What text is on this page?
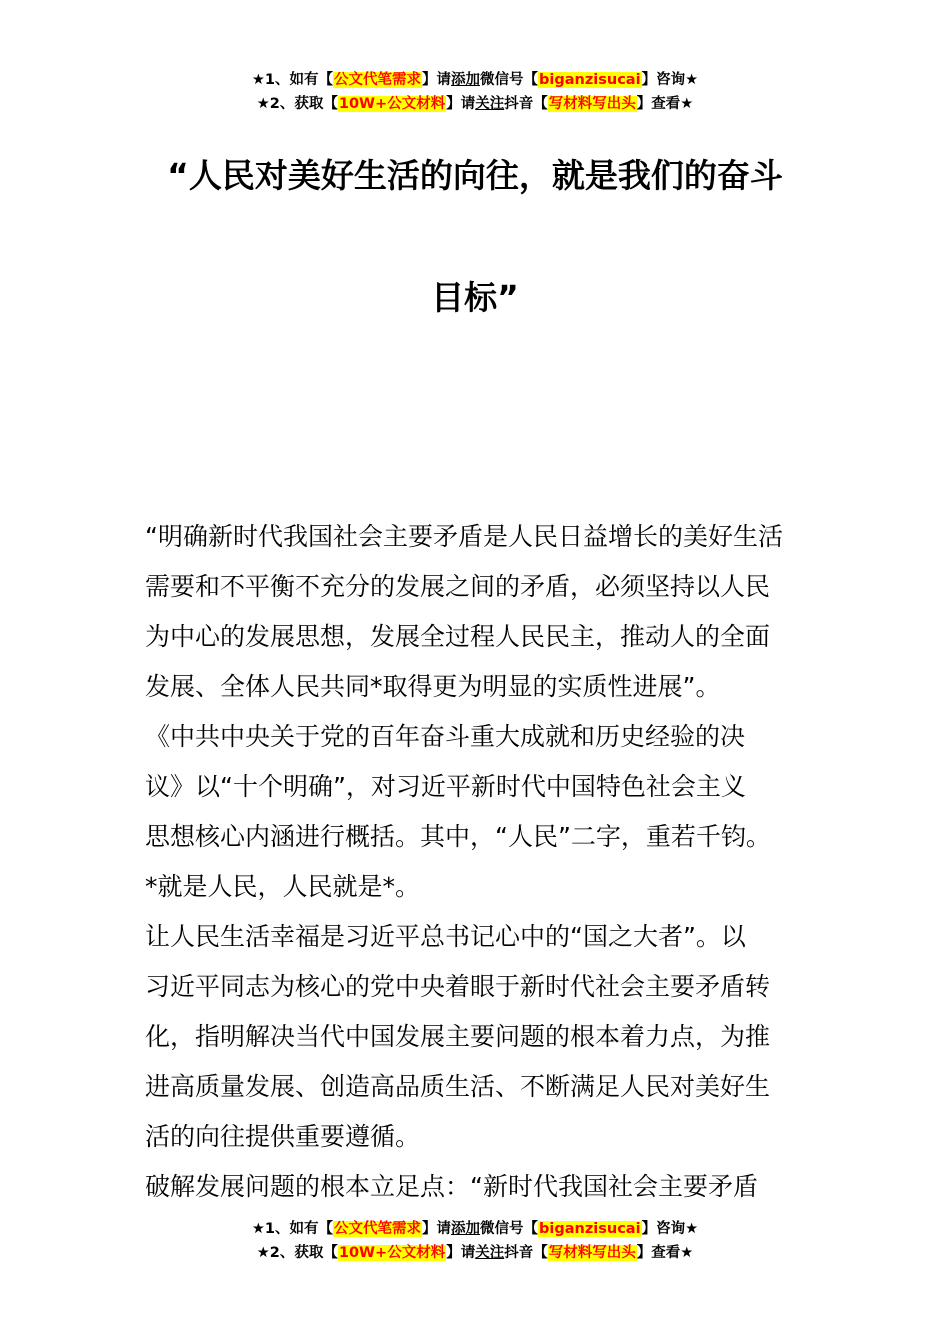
★1、如有【公文代笔需求】请添加微信号【biganzisucai】咨询★
★2、获取【10W+公文材料】请关注抖音【写材料写出头】查看★
“人民对美好生活的向往，就是我们的奋斗
目标”
“明确新时代我国社会主要矛盾是人民日益增长的美好生活
需要和不平衡不充分的发展之间的矛盾，必须坚持以人民
为中心的发展思想，发展全过程人民民主，推动人的全面
发展、全体人民共同*取得更为明显的实质性进展”。
《中共中央关于党的百年奋斗重大成就和历史经验的决
议》以“十个明确”，对习近平新时代中国特色社会主义
思想核心内涵进行概括。其中，“人民”二字，重若千钧。
*就是人民，人民就是*。
让人民生活幸福是习近平总书记心中的“国之大者”。以
习近平同志为核心的党中央着眼于新时代社会主要矛盾转
化，指明解决当代中国发展主要问题的根本着力点，为推
进高质量发展、创造高品质生活、不断满足人民对美好生
活的向往提供重要遵循。
破解发展问题的根本立足点：“新时代我国社会主要矛盾
★1、如有【公文代笔需求】请添加微信号【biganzisucai】咨询★
★2、获取【10W+公文材料】请关注抖音【写材料写出头】查看★
